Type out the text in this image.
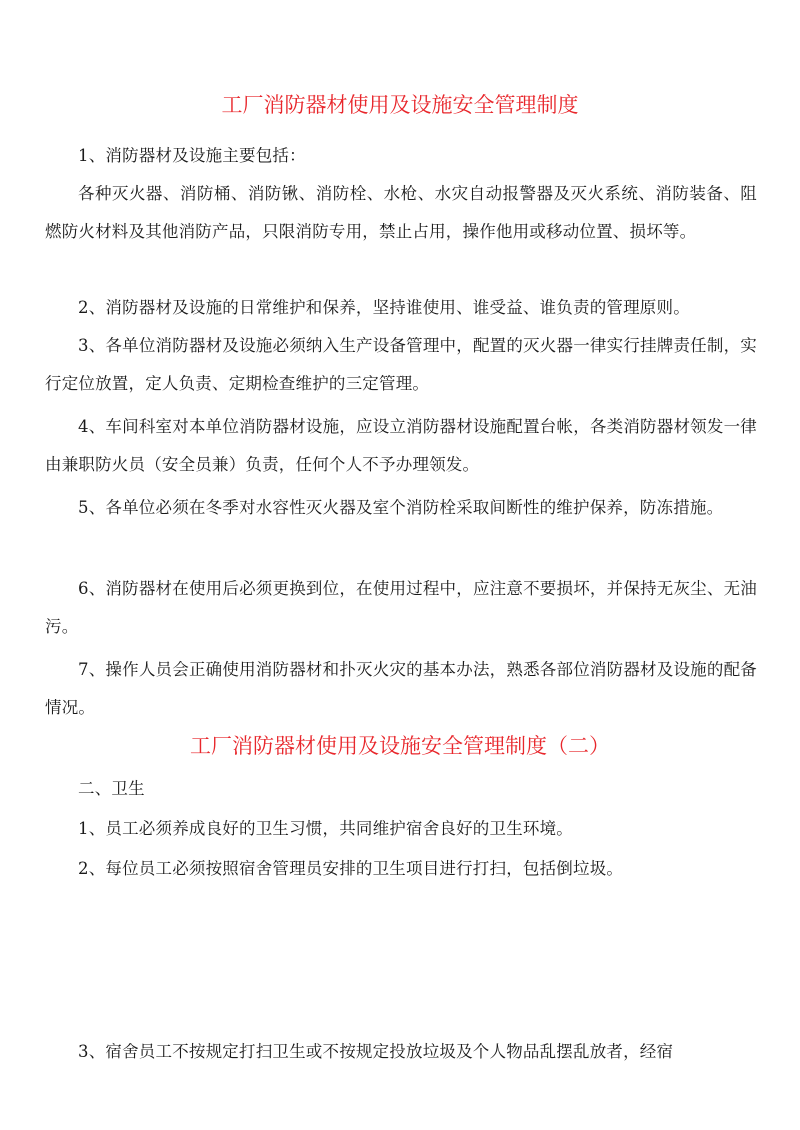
工厂消防器材使用及设施安全管理制度

1、消防器材及设施主要包括：

各种灭火器、消防桶、消防锹、消防栓、水枪、水灾自动报警器及灭火系统、消防装备、阻燃防火材料及其他消防产品，只限消防专用，禁止占用，操作他用或移动位置、损坏等。

2、消防器材及设施的日常维护和保养，坚持谁使用、谁受益、谁负责的管理原则。

3、各单位消防器材及设施必须纳入生产设备管理中，配置的灭火器一律实行挂牌责任制，实行定位放置，定人负责、定期检查维护的三定管理。

4、车间科室对本单位消防器材设施，应设立消防器材设施配置台帐，各类消防器材领发一律由兼职防火员（安全员兼）负责，任何个人不予办理领发。

5、各单位必须在冬季对水容性灭火器及室个消防栓采取间断性的维护保养，防冻措施。

6、消防器材在使用后必须更换到位，在使用过程中，应注意不要损坏，并保持无灰尘、无油污。

7、操作人员会正确使用消防器材和扑灭火灾的基本办法，熟悉各部位消防器材及设施的配备情况。

工厂消防器材使用及设施安全管理制度（二）

二、卫生

1、员工必须养成良好的卫生习惯，共同维护宿舍良好的卫生环境。

2、每位员工必须按照宿舍管理员安排的卫生项目进行打扫，包括倒垃圾。

3、宿舍员工不按规定打扫卫生或不按规定投放垃圾及个人物品乱摆乱放者，经宿
